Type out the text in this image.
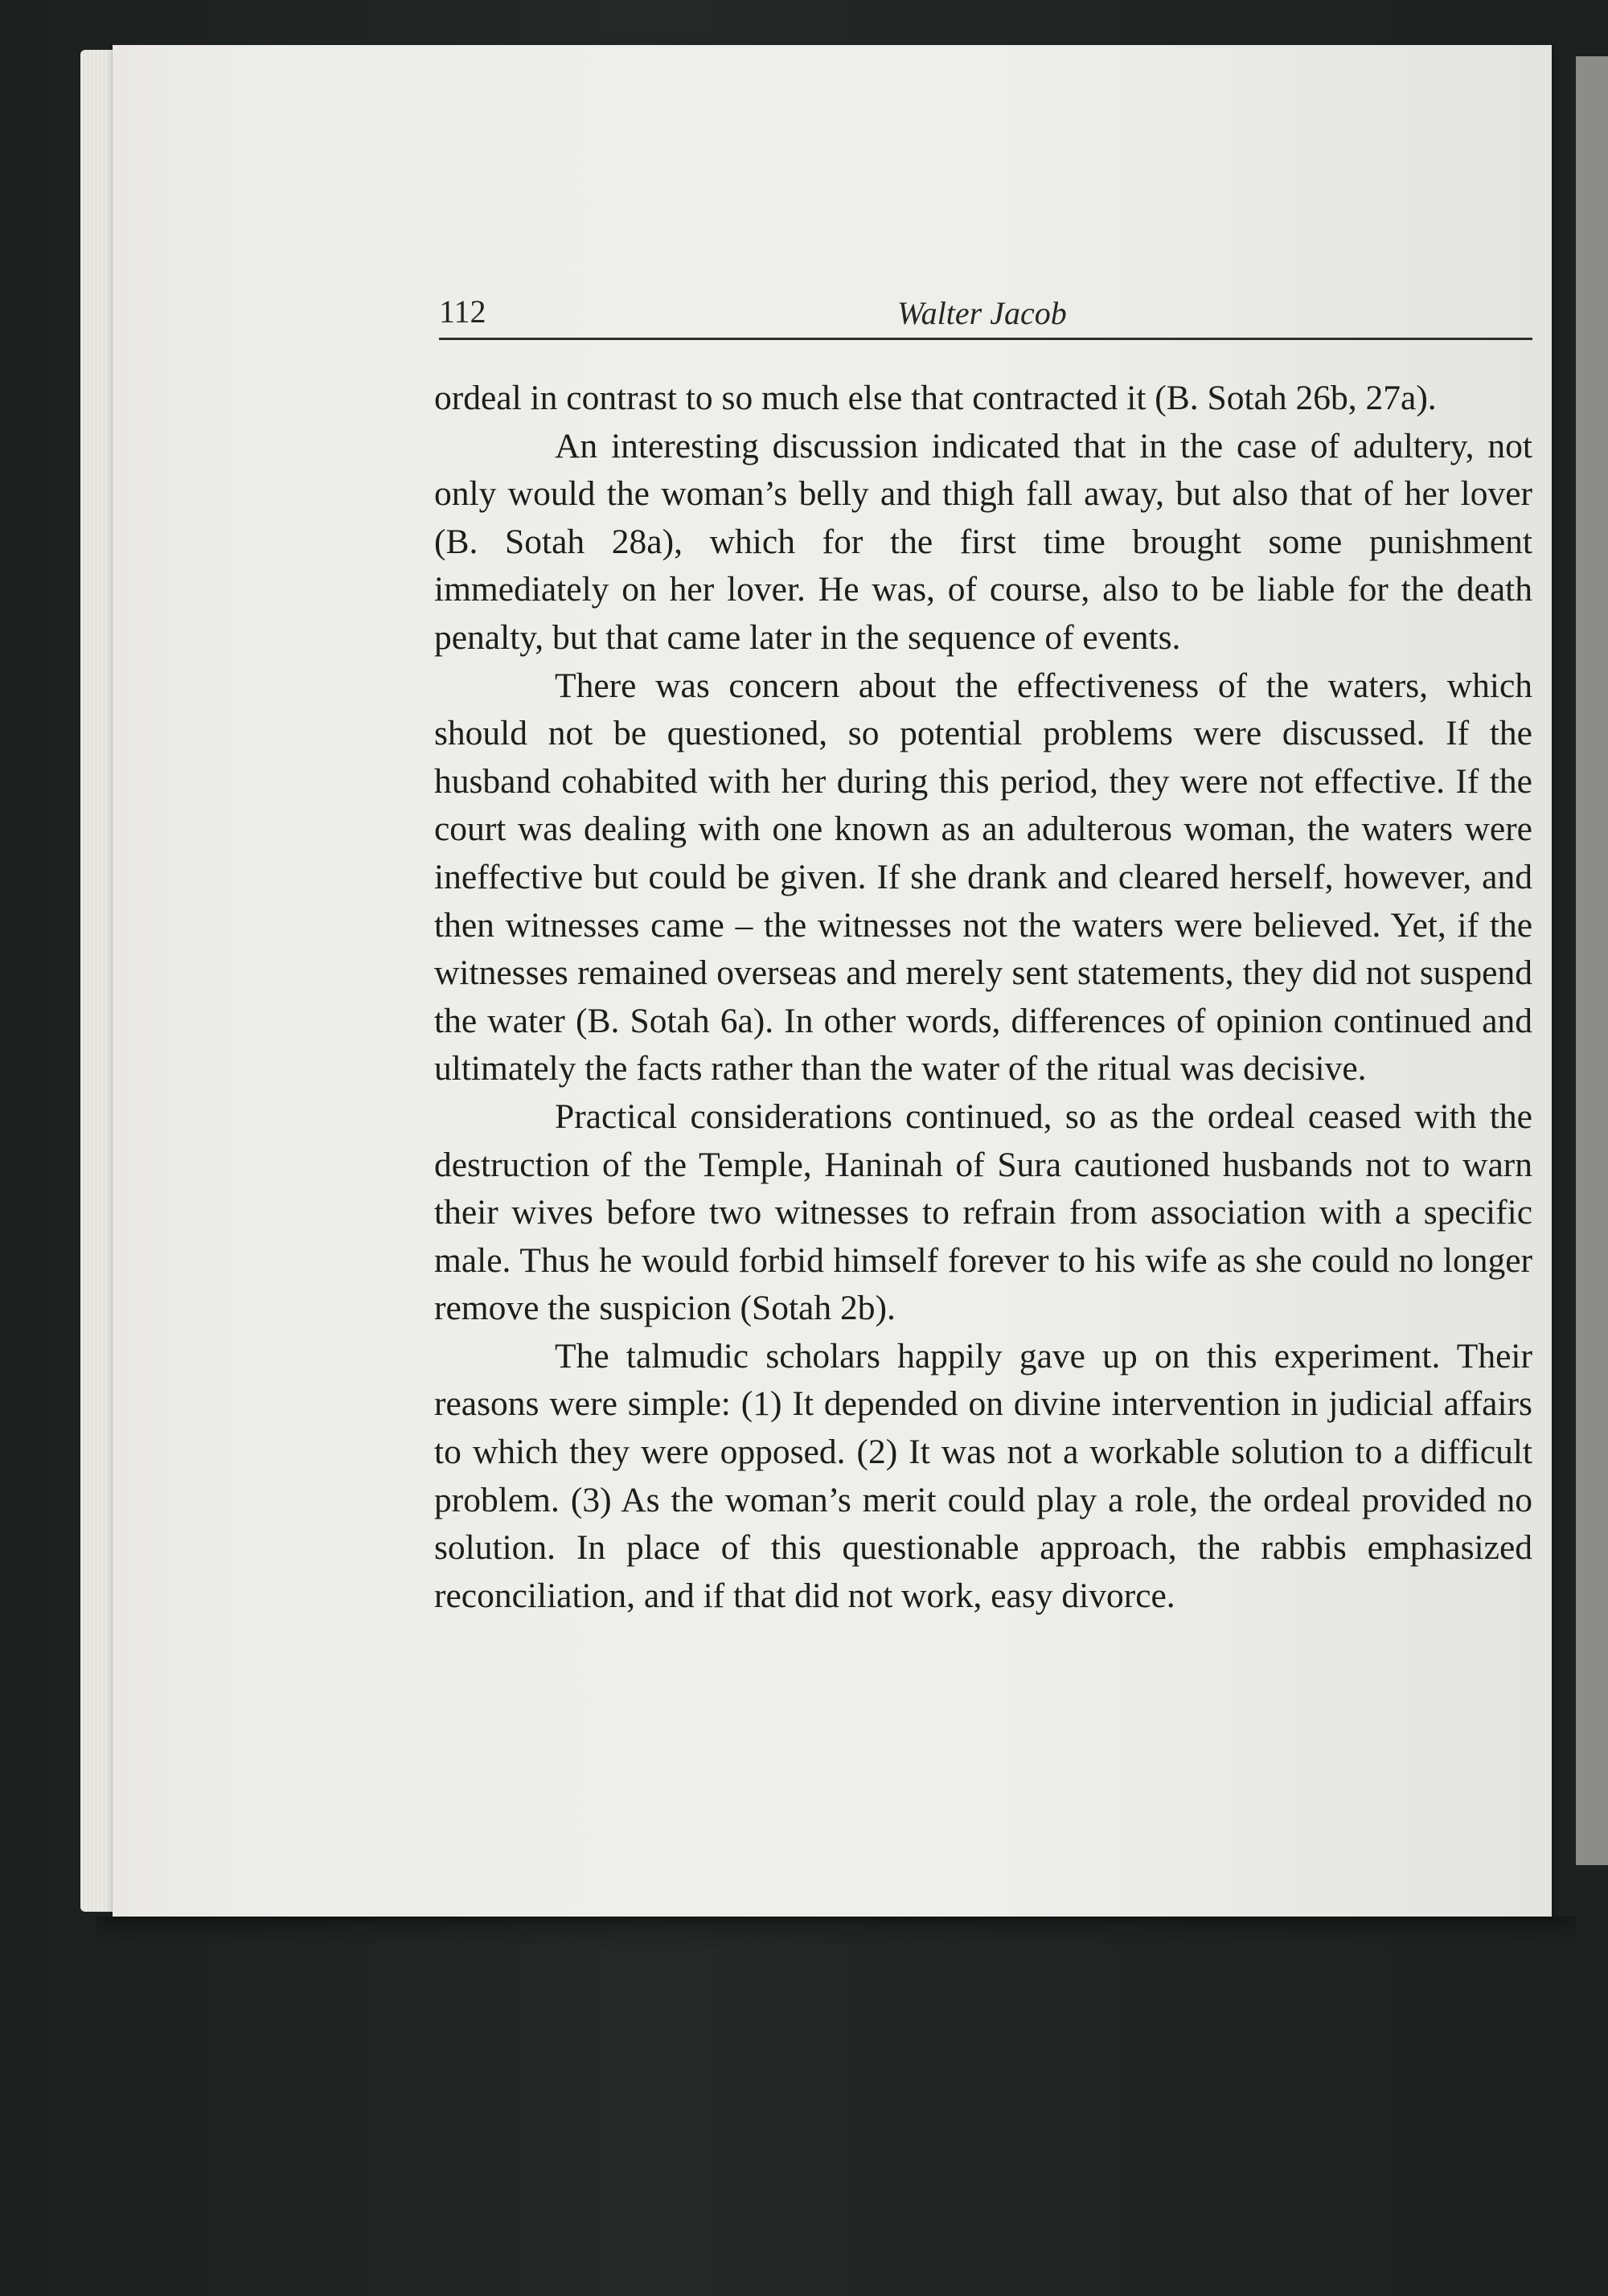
112	Walter Jacob

ordeal in contrast to so much else that contracted it (B. Sotah 26b, 27a).

An interesting discussion indicated that in the case of adultery, not only would the woman’s belly and thigh fall away, but also that of her lover (B. Sotah 28a), which for the first time brought some punishment immediately on her lover. He was, of course, also to be liable for the death penalty, but that came later in the sequence of events.

There was concern about the effectiveness of the waters, which should not be questioned, so potential problems were discussed. If the husband cohabited with her during this period, they were not effective. If the court was dealing with one known as an adulterous woman, the waters were ineffective but could be given. If she drank and cleared herself, however, and then witnesses came – the witnesses not the waters were believed. Yet, if the witnesses remained overseas and merely sent statements, they did not suspend the water (B. Sotah 6a). In other words, differences of opinion continued and ultimately the facts rather than the water of the ritual was decisive.

Practical considerations continued, so as the ordeal ceased with the destruction of the Temple, Haninah of Sura cautioned husbands not to warn their wives before two witnesses to refrain from association with a specific male. Thus he would forbid himself forever to his wife as she could no longer remove the suspicion (Sotah 2b).

The talmudic scholars happily gave up on this experiment. Their reasons were simple: (1) It depended on divine intervention in judicial affairs to which they were opposed. (2) It was not a workable solution to a difficult problem. (3) As the woman’s merit could play a role, the ordeal provided no solution. In place of this questionable approach, the rabbis emphasized reconciliation, and if that did not work, easy divorce.
